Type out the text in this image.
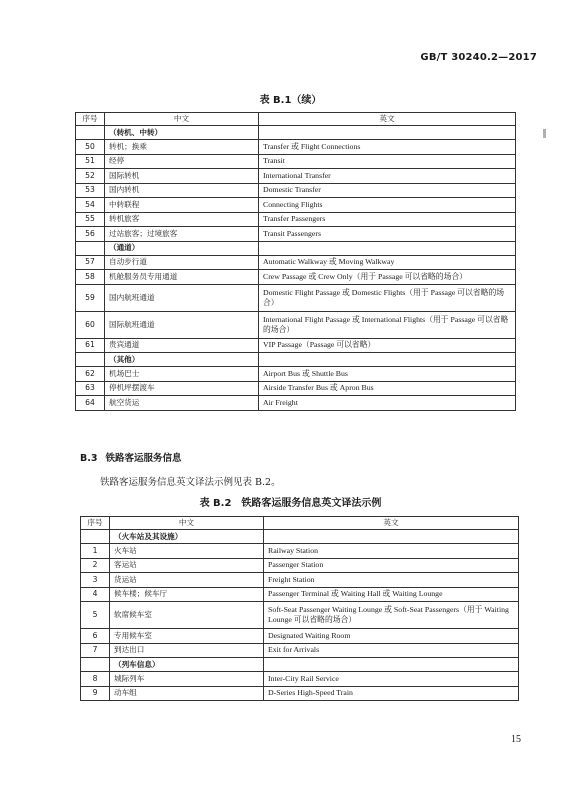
GB/T 30240.2—2017
表 B.1（续）
序号	中文	英文
	（转机、中转）	
50	转机；换乘	Transfer 或 Flight Connections
51	经停	Transit
52	国际转机	International Transfer
53	国内转机	Domestic Transfer
54	中转联程	Connecting Flights
55	转机旅客	Transfer Passengers
56	过站旅客；过境旅客	Transit Passengers
	（通道）	
57	自动步行道	Automatic Walkway 或 Moving Walkway
58	机舱服务员专用通道	Crew Passage 或 Crew Only（用于 Passage 可以省略的场合）
59	国内航班通道	Domestic Flight Passage 或 Domestic Flights（用于 Passage 可以省略的场合）
60	国际航班通道	International Flight Passage 或 International Flights（用于 Passage 可以省略的场合）
61	贵宾通道	VIP Passage（Passage 可以省略）
	（其他）	
62	机场巴士	Airport Bus 或 Shuttle Bus
63	停机坪摆渡车	Airside Transfer Bus 或 Apron Bus
64	航空货运	Air Freight
B.3 铁路客运服务信息
铁路客运服务信息英文译法示例见表 B.2。
表 B.2　铁路客运服务信息英文译法示例
序号	中文	英文
	（火车站及其设施）	
1	火车站	Railway Station
2	客运站	Passenger Station
3	货运站	Freight Station
4	候车楼；候车厅	Passenger Terminal 或 Waiting Hall 或 Waiting Lounge
5	软席候车室	Soft-Seat Passenger Waiting Lounge 或 Soft-Seat Passengers（用于 Waiting Lounge 可以省略的场合）
6	专用候车室	Designated Waiting Room
7	到达出口	Exit for Arrivals
	（列车信息）	
8	城际列车	Inter-City Rail Service
9	动车组	D-Series High-Speed Train
15
